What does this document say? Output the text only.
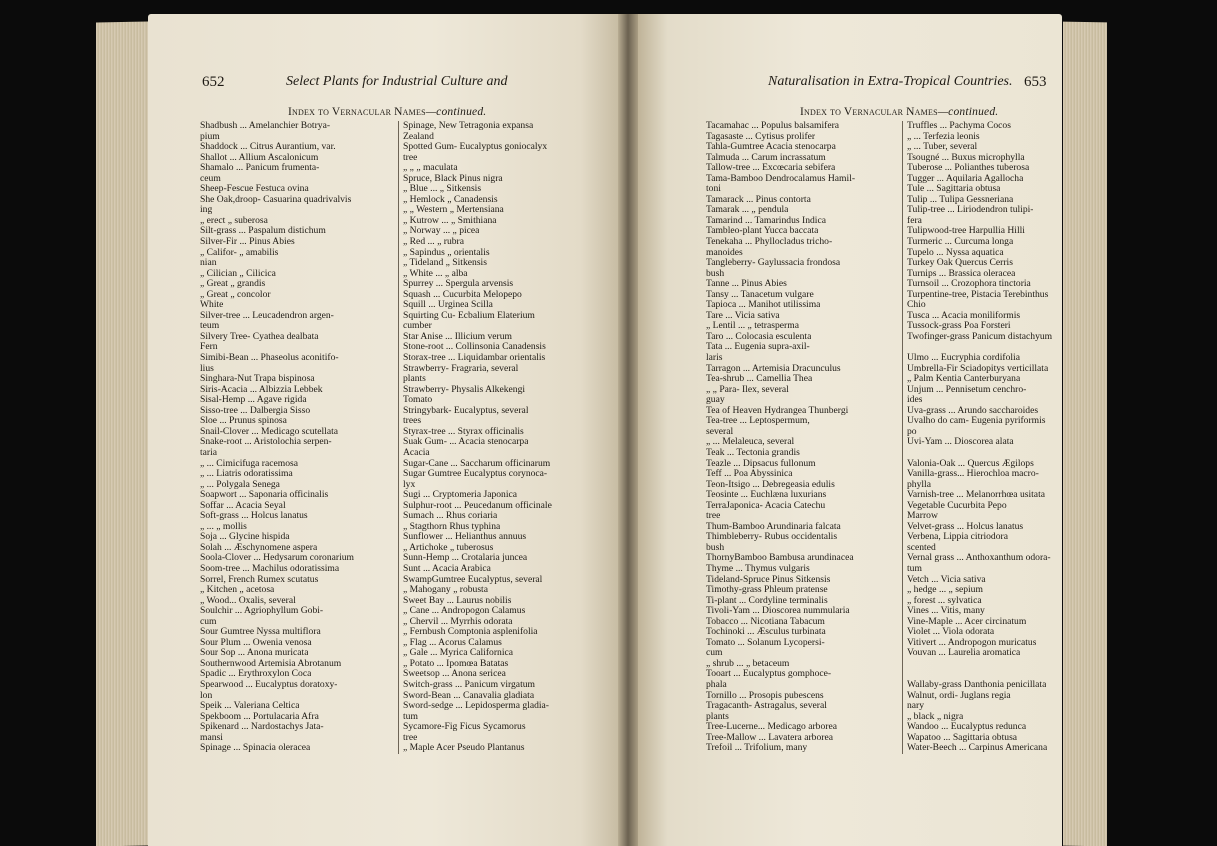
652	Select Plants for Industrial Culture and
Index to Vernacular Names—continued.
Shadbush ... Amelanchier Botrya-
pium
Shaddock ... Citrus Aurantium, var.
Shallot ... Allium Ascalonicum
Shamalo ... Panicum frumenta-
ceum
Sheep-Fescue Festuca ovina
She Oak,droop- Casuarina quadrivalvis
ing
„ erect „ suberosa
Silt-grass ... Paspalum distichum
Silver-Fir ... Pinus Abies
„ Califor- „ amabilis
nian
„ Cilician „ Cilicica
„ Great „ grandis
„ Great „ concolor
White
Silver-tree ... Leucadendron argen-
teum
Silvery Tree- Cyathea dealbata
Fern
Simibi-Bean ... Phaseolus aconitifo-
lius
Singhara-Nut Trapa bispinosa
Siris-Acacia ... Albizzia Lebbek
Sisal-Hemp ... Agave rigida
Sisso-tree ... Dalbergia Sisso
Sloe ... Prunus spinosa
Snail-Clover ... Medicago scutellata
Snake-root ... Aristolochia serpen-
taria
„ ... Cimicifuga racemosa
„ ... Liatris odoratissima
„ ... Polygala Senega
Soapwort ... Saponaria officinalis
Soffar ... Acacia Seyal
Soft-grass ... Holcus lanatus
„ ... „ mollis
Soja ... Glycine hispida
Solah ... Æschynomene aspera
Soola-Clover ... Hedysarum coronarium
Soom-tree ... Machilus odoratissima
Sorrel, French Rumex scutatus
„ Kitchen „ acetosa
„ Wood... Oxalis, several
Soulchir ... Agriophyllum Gobi-
cum
Sour Gumtree Nyssa multiflora
Sour Plum ... Owenia venosa
Sour Sop ... Anona muricata
Southernwood Artemisia Abrotanum
Spadic ... Erythroxylon Coca
Spearwood ... Eucalyptus doratoxy-
lon
Speik ... Valeriana Celtica
Spekboom ... Portulacaria Afra
Spikenard ... Nardostachys Jata-
mansi
Spinage ... Spinacia oleracea
Spinage, New Tetragonia expansa
Zealand
Spotted Gum- Eucalyptus goniocalyx
tree
„ „ „ maculata
Spruce, Black Pinus nigra
„ Blue ... „ Sitkensis
„ Hemlock „ Canadensis
„ „ Western „ Mertensiana
„ Kutrow ... „ Smithiana
„ Norway ... „ picea
„ Red ... „ rubra
„ Sapindus „ orientalis
„ Tideland „ Sitkensis
„ White ... „ alba
Spurrey ... Spergula arvensis
Squash ... Cucurbita Melopepo
Squill ... Urginea Scilla
Squirting Cu- Ecbalium Elaterium
cumber
Star Anise ... Illicium verum
Stone-root ... Collinsonia Canadensis
Storax-tree ... Liquidambar orientalis
Strawberry- Fragraria, several
plants
Strawberry- Physalis Alkekengi
Tomato
Stringybark- Eucalyptus, several
trees
Styrax-tree ... Styrax officinalis
Suak Gum- ... Acacia stenocarpa
Acacia
Sugar-Cane ... Saccharum officinarum
Sugar Gumtree Eucalyptus corynoca-
lyx
Sugi ... Cryptomeria Japonica
Sulphur-root ... Peucedanum officinale
Sumach ... Rhus coriaria
„ Stagthorn Rhus typhina
Sunflower ... Helianthus annuus
„ Artichoke „ tuberosus
Sunn-Hemp ... Crotalaria juncea
Sunt ... Acacia Arabica
SwampGumtree Eucalyptus, several
„ Mahogany „ robusta
Sweet Bay ... Laurus nobilis
„ Cane ... Andropogon Calamus
„ Chervil ... Myrrhis odorata
„ Fernbush Comptonia asplenifolia
„ Flag ... Acorus Calamus
„ Gale ... Myrica Californica
„ Potato ... Ipomœa Batatas
Sweetsop ... Anona sericea
Switch-grass ... Panicum virgatum
Sword-Bean ... Canavalia gladiata
Sword-sedge ... Lepidosperma gladia-
tum
Sycamore-Fig Ficus Sycamorus
tree
„ Maple Acer Pseudo Plantanus
Naturalisation in Extra-Tropical Countries. 653
Index to Vernacular Names—continued.
Tacamahac ... Populus balsamifera
Tagasaste ... Cytisus prolifer
Tahla-Gumtree Acacia stenocarpa
Talmuda ... Carum incrassatum
Tallow-tree ... Excœcaria sebifera
Tama-Bamboo Dendrocalamus Hamil-
toni
Tamarack ... Pinus contorta
Tamarak ... „ pendula
Tamarind ... Tamarindus Indica
Tambleo-plant Yucca baccata
Tenekaha ... Phyllocladus tricho-
manoides
Tangleberry- Gaylussacia frondosa
bush
Tanne ... Pinus Abies
Tansy ... Tanacetum vulgare
Tapioca ... Manihot utilissima
Tare ... Vicia sativa
„ Lentil ... „ tetrasperma
Taro ... Colocasia esculenta
Tata ... Eugenia supra-axil-
laris
Tarragon ... Artemisia Dracunculus
Tea-shrub ... Camellia Thea
„ „ Para- Ilex, several
guay
Tea of Heaven Hydrangea Thunbergi
Tea-tree ... Leptospermum,
several
„ ... Melaleuca, several
Teak ... Tectonia grandis
Teazle ... Dipsacus fullonum
Teff ... Poa Abyssinica
Teon-Itsigo ... Debregeasia edulis
Teosinte ... Euchlæna luxurians
TerraJaponica- Acacia Catechu
tree
Thum-Bamboo Arundinaria falcata
Thimbleberry- Rubus occidentalis
bush
ThornyBamboo Bambusa arundinacea
Thyme ... Thymus vulgaris
Tideland-Spruce Pinus Sitkensis
Timothy-grass Phleum pratense
Ti-plant ... Cordyline terminalis
Tivoli-Yam ... Dioscorea nummularia
Tobacco ... Nicotiana Tabacum
Tochinoki ... Æsculus turbinata
Tomato ... Solanum Lycopersi-
cum
„ shrub ... „ betaceum
Tooart ... Eucalyptus gomphoce-
phala
Tornillo ... Prosopis pubescens
Tragacanth- Astragalus, several
plants
Tree-Lucerne... Medicago arborea
Tree-Mallow ... Lavatera arborea
Trefoil ... Trifolium, many
Truffles ... Pachyma Cocos
„ ... Terfezia leonis
„ ... Tuber, several
Tsougné ... Buxus microphylla
Tuberose ... Polianthes tuberosa
Tugger ... Aquilaria Agallocha
Tule ... Sagittaria obtusa
Tulip ... Tulipa Gessneriana
Tulip-tree ... Liriodendron tulipi-
fera
Tulipwood-tree Harpullia Hilli
Turmeric ... Curcuma longa
Tupelo ... Nyssa aquatica
Turkey Oak Quercus Cerris
Turnips ... Brassica oleracea
Turnsoil ... Crozophora tinctoria
Turpentine-tree, Pistacia Terebinthus
Chio
Tusca ... Acacia moniliformis
Tussock-grass Poa Forsteri
Twofinger-grass Panicum distachyum

Ulmo ... Eucryphia cordifolia
Umbrella-Fir Sciadopitys verticillata
„ Palm Kentia Canterburyana
Unjum ... Pennisetum cenchro-
ides
Uva-grass ... Arundo saccharoides
Uvalho do cam- Eugenia pyriformis
po
Uvi-Yam ... Dioscorea alata

Valonia-Oak ... Quercus Ægilops
Vanilla-grass... Hierochloa macro-
phylla
Varnish-tree ... Melanorrhœa usitata
Vegetable Cucurbita Pepo
Marrow
Velvet-grass ... Holcus lanatus
Verbena, Lippia citriodora
scented
Vernal grass ... Anthoxanthum odora-
tum
Vetch ... Vicia sativa
„ hedge ... „ sepium
„ forest ... sylvatica
Vines ... Vitis, many
Vine-Maple ... Acer circinatum
Violet ... Viola odorata
Vitivert ... Andropogon muricatus
Vouvan ... Laurelia aromatica

Wallaby-grass Danthonia penicillata
Walnut, ordi- Juglans regia
nary
„ black „ nigra
Wandoo ... Eucalyptus redunca
Wapatoo ... Sagittaria obtusa
Water-Beech ... Carpinus Americana
